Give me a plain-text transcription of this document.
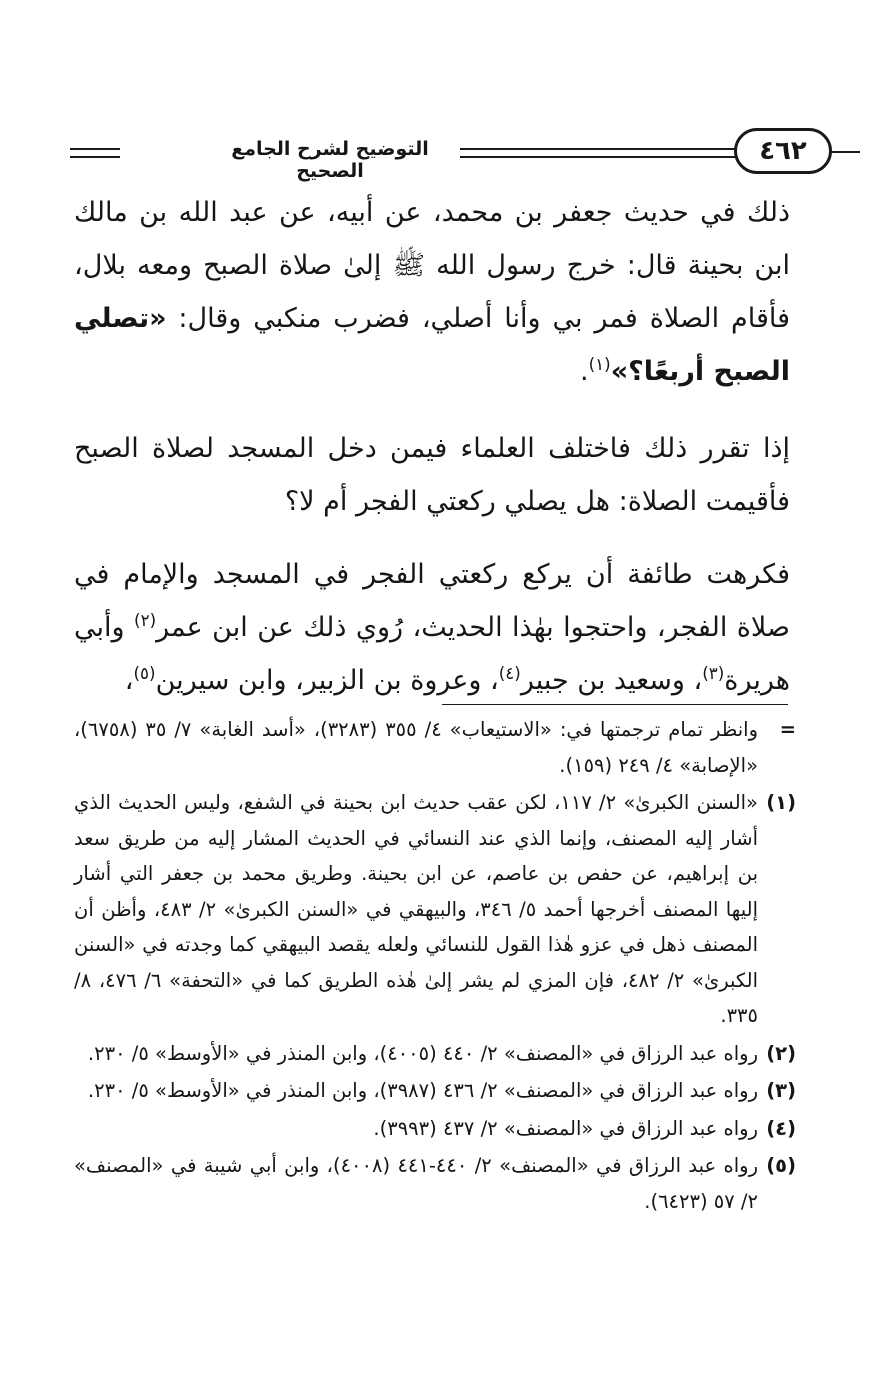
التوضيح لشرح الجامع الصحيح
٤٦٢

ذلك في حديث جعفر بن محمد، عن أبيه، عن عبد الله بن مالك ابن بحينة قال: خرج رسول الله ﷺ إلىٰ صلاة الصبح ومعه بلال، فأقام الصلاة فمر بي وأنا أصلي، فضرب منكبي وقال: «تصلي الصبح أربعًا؟»$^{(١)}$.

إذا تقرر ذلك فاختلف العلماء فيمن دخل المسجد لصلاة الصبح فأقيمت الصلاة: هل يصلي ركعتي الفجر أم لا؟

فكرهت طائفة أن يركع ركعتي الفجر في المسجد والإمام في صلاة الفجر، واحتجوا بهٰذا الحديث، رُوي ذلك عن ابن عمر$^{(٢)}$ وأبي هريرة$^{(٣)}$، وسعيد بن جبير$^{(٤)}$، وعروة بن الزبير، وابن سيرين$^{(٥)}$،

=
وانظر تمام ترجمتها في: «الاستيعاب» ٤/ ٣٥٥ (٣٢٨٣)، «أسد الغابة» ٧/ ٣٥ (٦٧٥٨)، «الإصابة» ٤/ ٢٤٩ (١٥٩).
(١)
«السنن الكبرىٰ» ٢/ ١١٧، لكن عقب حديث ابن بحينة في الشفع، وليس الحديث الذي أشار إليه المصنف، وإنما الذي عند النسائي في الحديث المشار إليه من طريق سعد بن إبراهيم، عن حفص بن عاصم، عن ابن بحينة. وطريق محمد بن جعفر التي أشار إليها المصنف أخرجها أحمد ٥/ ٣٤٦، والبيهقي في «السنن الكبرىٰ» ٢/ ٤٨٣، وأظن أن المصنف ذهل في عزو هٰذا القول للنسائي ولعله يقصد البيهقي كما وجدته في «السنن الكبرىٰ» ٢/ ٤٨٢، فإن المزي لم يشر إلىٰ هٰذه الطريق كما في «التحفة» ٦/ ٤٧٦، ٨/ ٣٣٥.
(٢)
رواه عبد الرزاق في «المصنف» ٢/ ٤٤٠ (٤٠٠٥)، وابن المنذر في «الأوسط» ٥/ ٢٣٠.
(٣)
رواه عبد الرزاق في «المصنف» ٢/ ٤٣٦ (٣٩٨٧)، وابن المنذر في «الأوسط» ٥/ ٢٣٠.
(٤)
رواه عبد الرزاق في «المصنف» ٢/ ٤٣٧ (٣٩٩٣).
(٥)
رواه عبد الرزاق في «المصنف» ٢/ ٤٤٠-٤٤١ (٤٠٠٨)، وابن أبي شيبة في «المصنف» ٢/ ٥٧ (٦٤٢٣).
